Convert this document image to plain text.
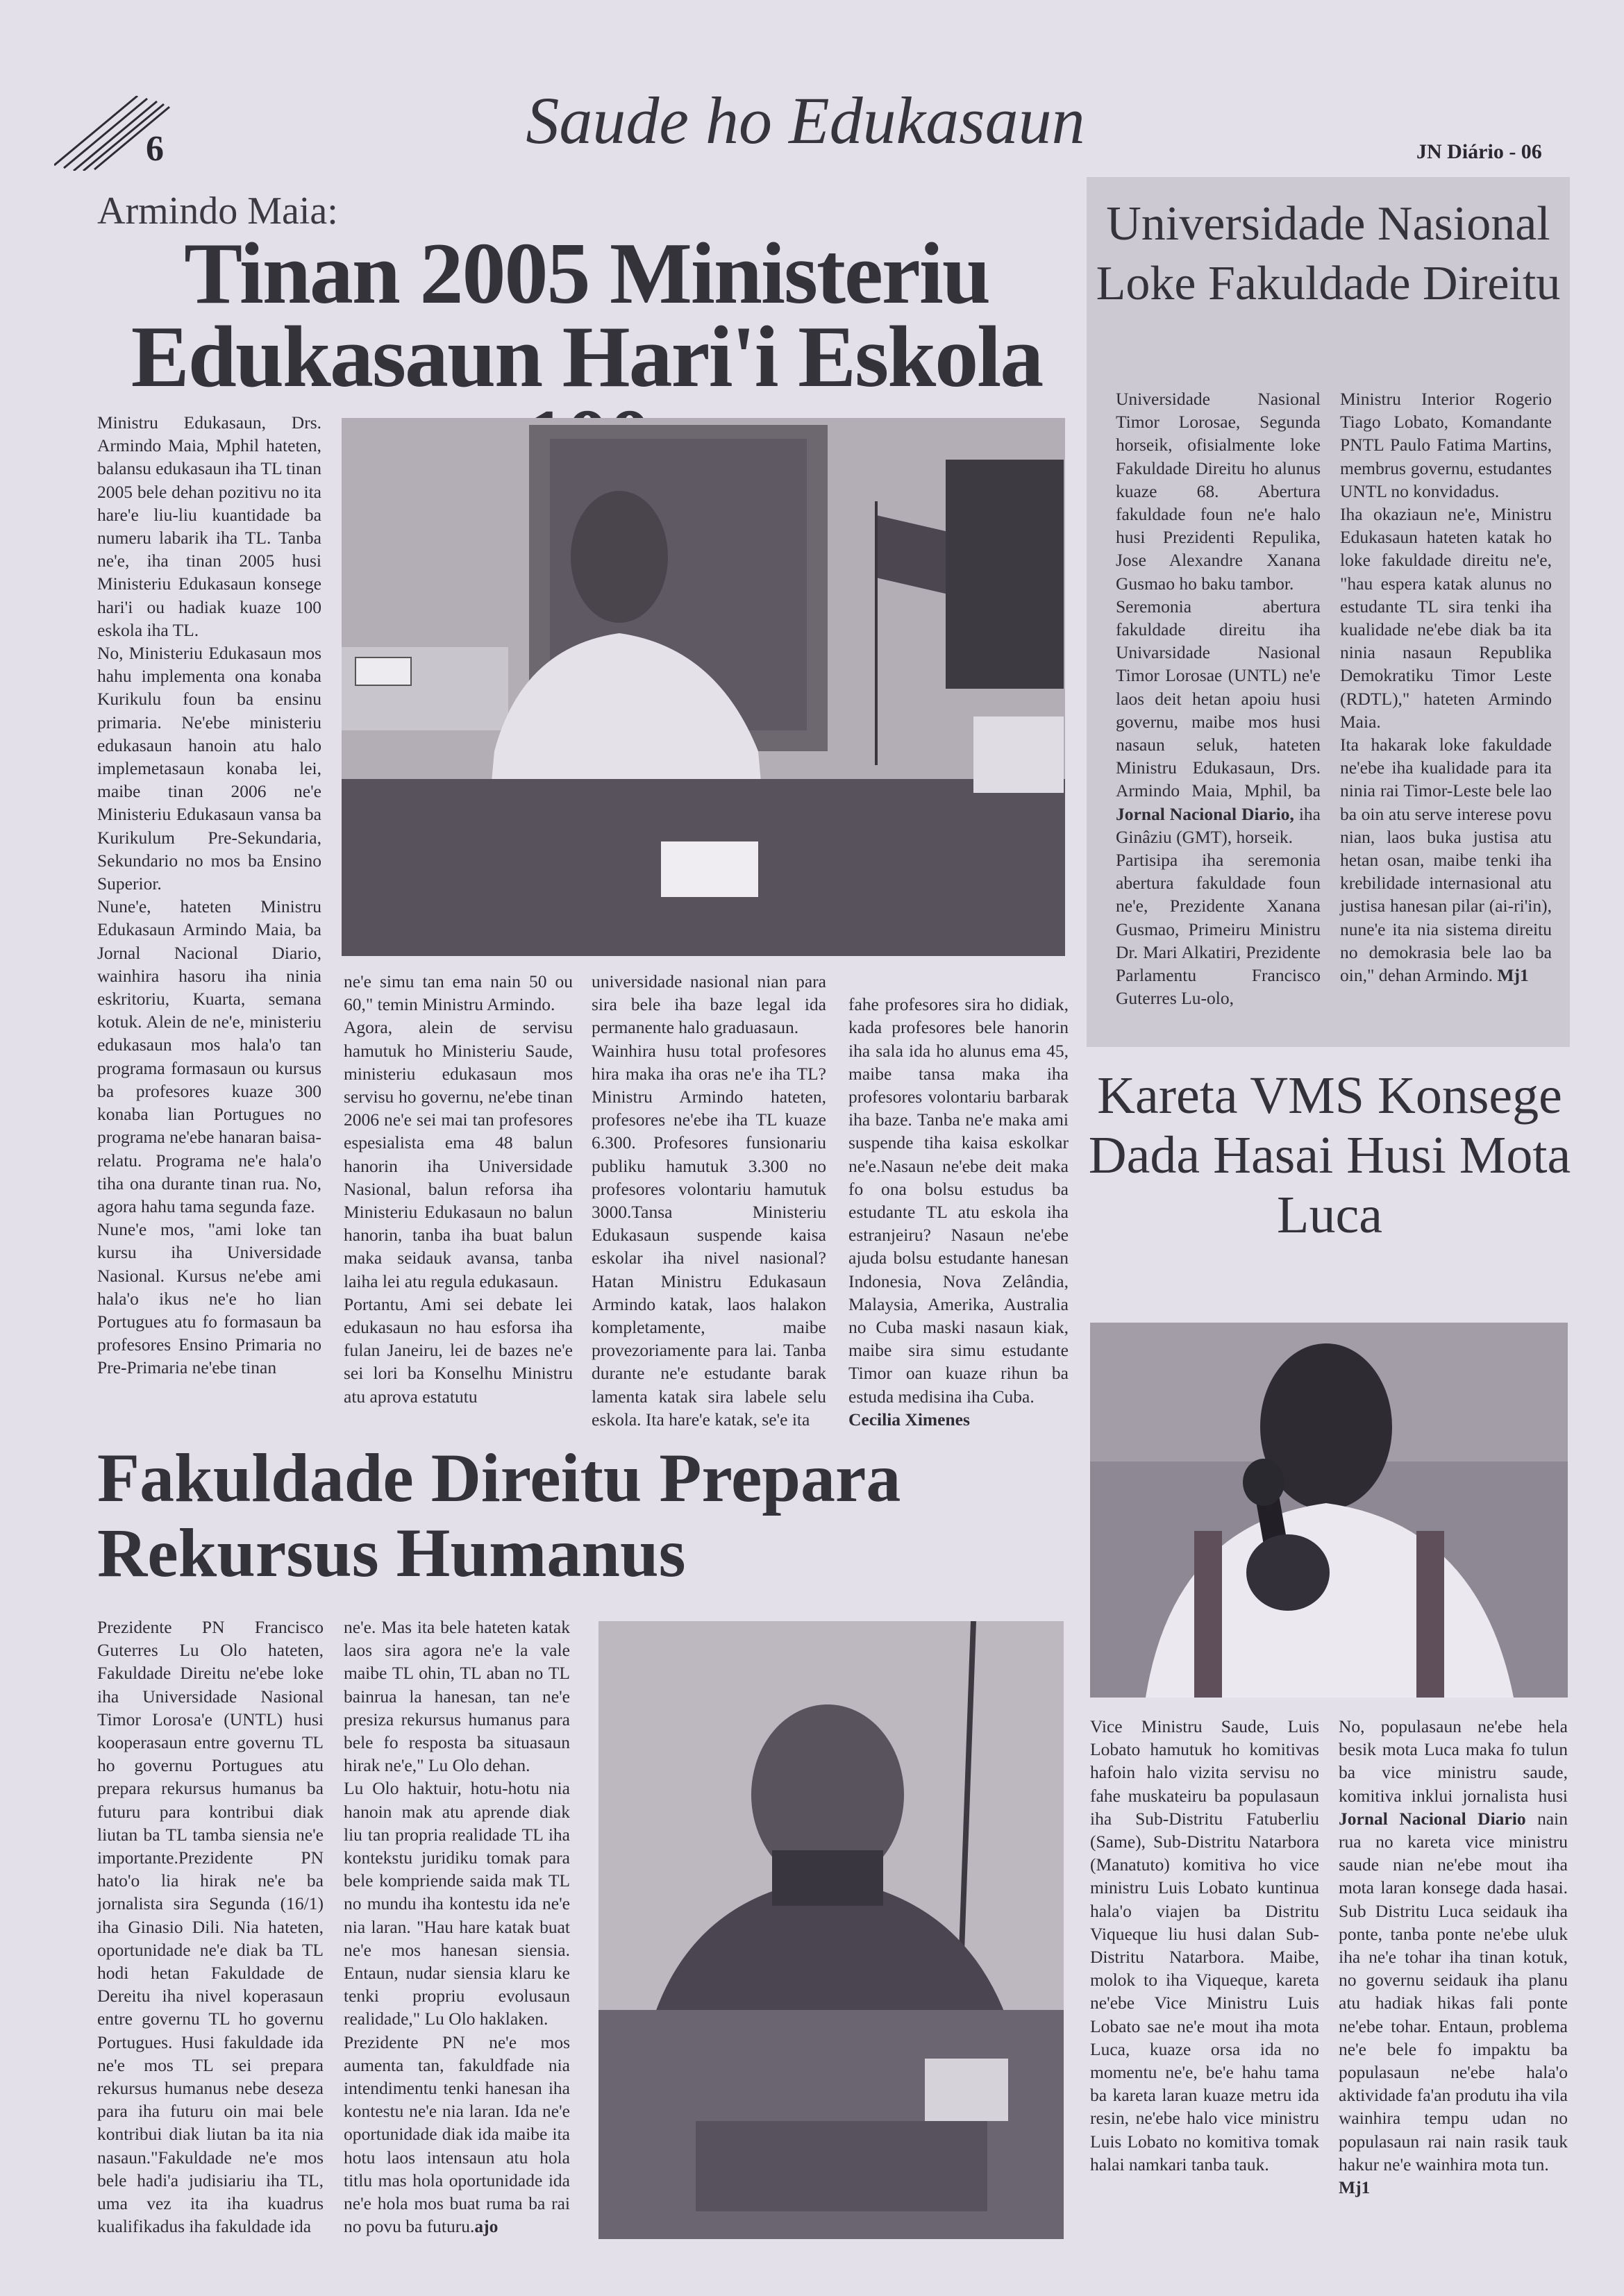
6	Saude ho Edukasaun	JN Diário - 06
Armindo Maia:
Tinan 2005 Ministeriu Edukasaun Hari'i Eskola
Ministru Edukasaun, Drs. Armindo Maia, Mphil hateten, balansu edukasaun iha TL tinan 2005 bele dehan pozitivu no ita hare'e liu-liu kuantidade ba numeru labarik iha TL. Tanba ne'e, iha tinan 2005 husi Ministeriu Edukasaun konsege hari'i ou hadiak kuaze 100 eskola iha TL.
No, Ministeriu Edukasaun mos hahu implementa ona konaba Kurikulu foun ba ensinu primaria. Ne'ebe ministeriu edukasaun hanoin atu halo implemetasaun konaba lei, maibe tinan 2006 ne'e Ministeriu Edukasaun vansa ba Kurikulum Pre-Sekundaria, Sekundario no mos ba Ensino Superior.
Nune'e, hateten Ministru Edukasaun Armindo Maia, ba Jornal Nacional Diario, wainhira hasoru iha ninia eskritoriu, Kuarta, semana kotuk. Alein de ne'e, ministeriu edukasaun mos hala'o tan programa formasaun ou kursus ba profesores kuaze 300 konaba lian Portugues no programa ne'ebe hanaran baisa-relatu. Programa ne'e hala'o tiha ona durante tinan rua. No, agora hahu tama segunda faze.
Nune'e mos, "ami loke tan kursu iha Universidade Nasional. Kursus ne'ebe ami hala'o ikus ne'e ho lian Portugues atu fo formasaun ba profesores Ensino Primaria no Pre-Primaria ne'ebe tinan
ne'e simu tan ema nain 50 ou 60," temin Ministru Armindo.
Agora, alein de servisu hamutuk ho Ministeriu Saude, ministeriu edukasaun mos servisu ho governu, ne'ebe tinan 2006 ne'e sei mai tan profesores espesialista ema 48 balun hanorin iha Universidade Nasional, balun reforsa iha Ministeriu Edukasaun no balun hanorin, tanba iha buat balun maka seidauk avansa, tanba laiha lei atu regula edukasaun.
Portantu, Ami sei debate lei edukasaun no hau esforsa iha fulan Janeiru, lei de bazes ne'e sei lori ba Konselhu Ministru atu aprova estatutu
universidade nasional nian para sira bele iha baze legal ida permanente halo graduasaun.
Wainhira husu total profesores hira maka iha oras ne'e iha TL? Ministru Armindo hateten, profesores ne'ebe iha TL kuaze 6.300. Profesores funsionariu publiku hamutuk 3.300 no profesores volontariu hamutuk 3000.Tansa Ministeriu Edukasaun suspende kaisa eskolar iha nivel nasional? Hatan Ministru Edukasaun Armindo katak, laos halakon kompletamente, maibe provezoriamente para lai. Tanba durante ne'e estudante barak lamenta katak sira labele selu eskola. Ita hare'e katak, se'e ita

fahe profesores sira ho didiak, kada profesores bele hanorin iha sala ida ho alunus ema 45, maibe tansa maka iha profesores volontariu barbarak iha baze. Tanba ne'e maka ami suspende tiha kaisa eskolkar ne'e.Nasaun ne'ebe deit maka fo ona bolsu estudus ba estudante TL atu eskola iha estranjeiru? Nasaun ne'ebe ajuda bolsu estudante hanesan Indonesia, Nova Zelândia, Malaysia, Amerika, Australia no Cuba maski nasaun kiak, maibe sira simu estudante Timor oan kuaze rihun ba estuda medisina iha Cuba.

Cecilia Ximenes

Universidade Nasional Loke Fakuldade Direitu
Universidade Nasional Timor Lorosae, Segunda horseik, ofisialmente loke Fakuldade Direitu ho alunus kuaze 68. Abertura fakuldade foun ne'e halo husi Prezidenti Repulika, Jose Alexandre Xanana Gusmao ho baku tambor.
Seremonia abertura fakuldade direitu iha Univarsidade Nasional Timor Lorosae (UNTL) ne'e laos deit hetan apoiu husi governu, maibe mos husi nasaun seluk, hateten Ministru Edukasaun, Drs. Armindo Maia, Mphil, ba Jornal Nacional Diario, iha Ginâziu (GMT), horseik.
Partisipa iha seremonia abertura fakuldade foun ne'e, Prezidente Xanana Gusmao, Primeiru Ministru Dr. Mari Alkatiri, Prezidente Parlamentu Francisco Guterres Lu-olo,
Ministru Interior Rogerio Tiago Lobato, Komandante PNTL Paulo Fatima Martins, membrus governu, estudantes UNTL no konvidadus.
Iha okaziaun ne'e, Ministru Edukasaun hateten katak ho loke fakuldade direitu ne'e, "hau espera katak alunus no estudante TL sira tenki iha kualidade ne'ebe diak ba ita ninia nasaun Republika Demokratiku Timor Leste (RDTL)," hateten Armindo Maia.
Ita hakarak loke fakuldade ne'ebe iha kualidade para ita ninia rai Timor-Leste bele lao ba oin atu serve interese povu nian, laos buka justisa atu hetan osan, maibe tenki iha krebilidade internasional atu justisa hanesan pilar (ai-ri'in), nune'e ita nia sistema direitu no demokrasia bele lao ba oin," dehan Armindo. Mj1
Fakuldade Direitu Prepara Rekursus Humanus
Prezidente PN Francisco Guterres Lu Olo hateten, Fakuldade Direitu ne'ebe loke iha Universidade Nasional Timor Lorosa'e (UNTL) husi kooperasaun entre governu TL ho governu Portugues atu prepara rekursus humanus ba futuru para kontribui diak liutan ba TL tamba siensia ne'e importante.Prezidente PN hato'o lia hirak ne'e ba jornalista sira Segunda (16/1) iha Ginasio Dili. Nia hateten, oportunidade ne'e diak ba TL hodi hetan Fakuldade de Dereitu iha nivel koperasaun entre governu TL ho governu Portugues. Husi fakuldade ida ne'e mos TL sei prepara rekursus humanus nebe deseza para iha futuru oin mai bele kontribui diak liutan ba ita nia nasaun."Fakuldade ne'e mos bele hadi'a judisiariu iha TL, uma vez ita iha kuadrus kualifikadus iha fakuldade ida
ne'e. Mas ita bele hateten katak laos sira agora ne'e la vale maibe TL ohin, TL aban no TL bainrua la hanesan, tan ne'e presiza rekursus humanus para bele fo resposta ba situasaun hirak ne'e," Lu Olo dehan.
Lu Olo haktuir, hotu-hotu nia hanoin mak atu aprende diak liu tan propria realidade TL iha kontekstu juridiku tomak para bele kompriende saida mak TL no mundu iha kontestu ida ne'e nia laran. "Hau hare katak buat ne'e mos hanesan siensia. Entaun, nudar siensia klaru ke tenki propriu evolusaun realidade," Lu Olo haklaken.
Prezidente PN ne'e mos aumenta tan, fakuldfade nia intendimentu tenki hanesan iha kontestu ne'e nia laran. Ida ne'e oportunidade diak ida maibe ita hotu laos intensaun atu hola titlu mas hola oportunidade ida ne'e hola mos buat ruma ba rai no povu ba futuru.ajo
Kareta VMS Konsege Dada Hasai Husi Mota Luca
Vice Ministru Saude, Luis Lobato hamutuk ho komitivas hafoin halo vizita servisu no fahe muskateiru ba populasaun iha Sub-Distritu Fatuberliu (Same), Sub-Distritu Natarbora (Manatuto) komitiva ho vice ministru Luis Lobato kuntinua hala'o viajen ba Distritu Viqueque liu husi dalan Sub-Distritu Natarbora. Maibe, molok to iha Viqueque, kareta ne'ebe Vice Ministru Luis Lobato sae ne'e mout iha mota Luca, kuaze orsa ida no momentu ne'e, be'e hahu tama ba kareta laran kuaze metru ida resin, ne'ebe halo vice ministru Luis Lobato no komitiva tomak halai namkari tanba tauk.
No, populasaun ne'ebe hela besik mota Luca maka fo tulun ba vice ministru saude, komitiva inklui jornalista husi Jornal Nacional Diario nain rua no kareta vice ministru saude nian ne'ebe mout iha mota laran konsege dada hasai. Sub Distritu Luca seidauk iha ponte, tanba ponte ne'ebe uluk iha ne'e tohar iha tinan kotuk, no governu seidauk iha planu atu hadiak hikas fali ponte ne'ebe tohar. Entaun, problema ne'e bele fo impaktu ba populasaun ne'ebe hala'o aktividade fa'an produtu iha vila wainhira tempu udan no populasaun rai nain rasik tauk hakur ne'e wainhira mota tun.
Mj1
